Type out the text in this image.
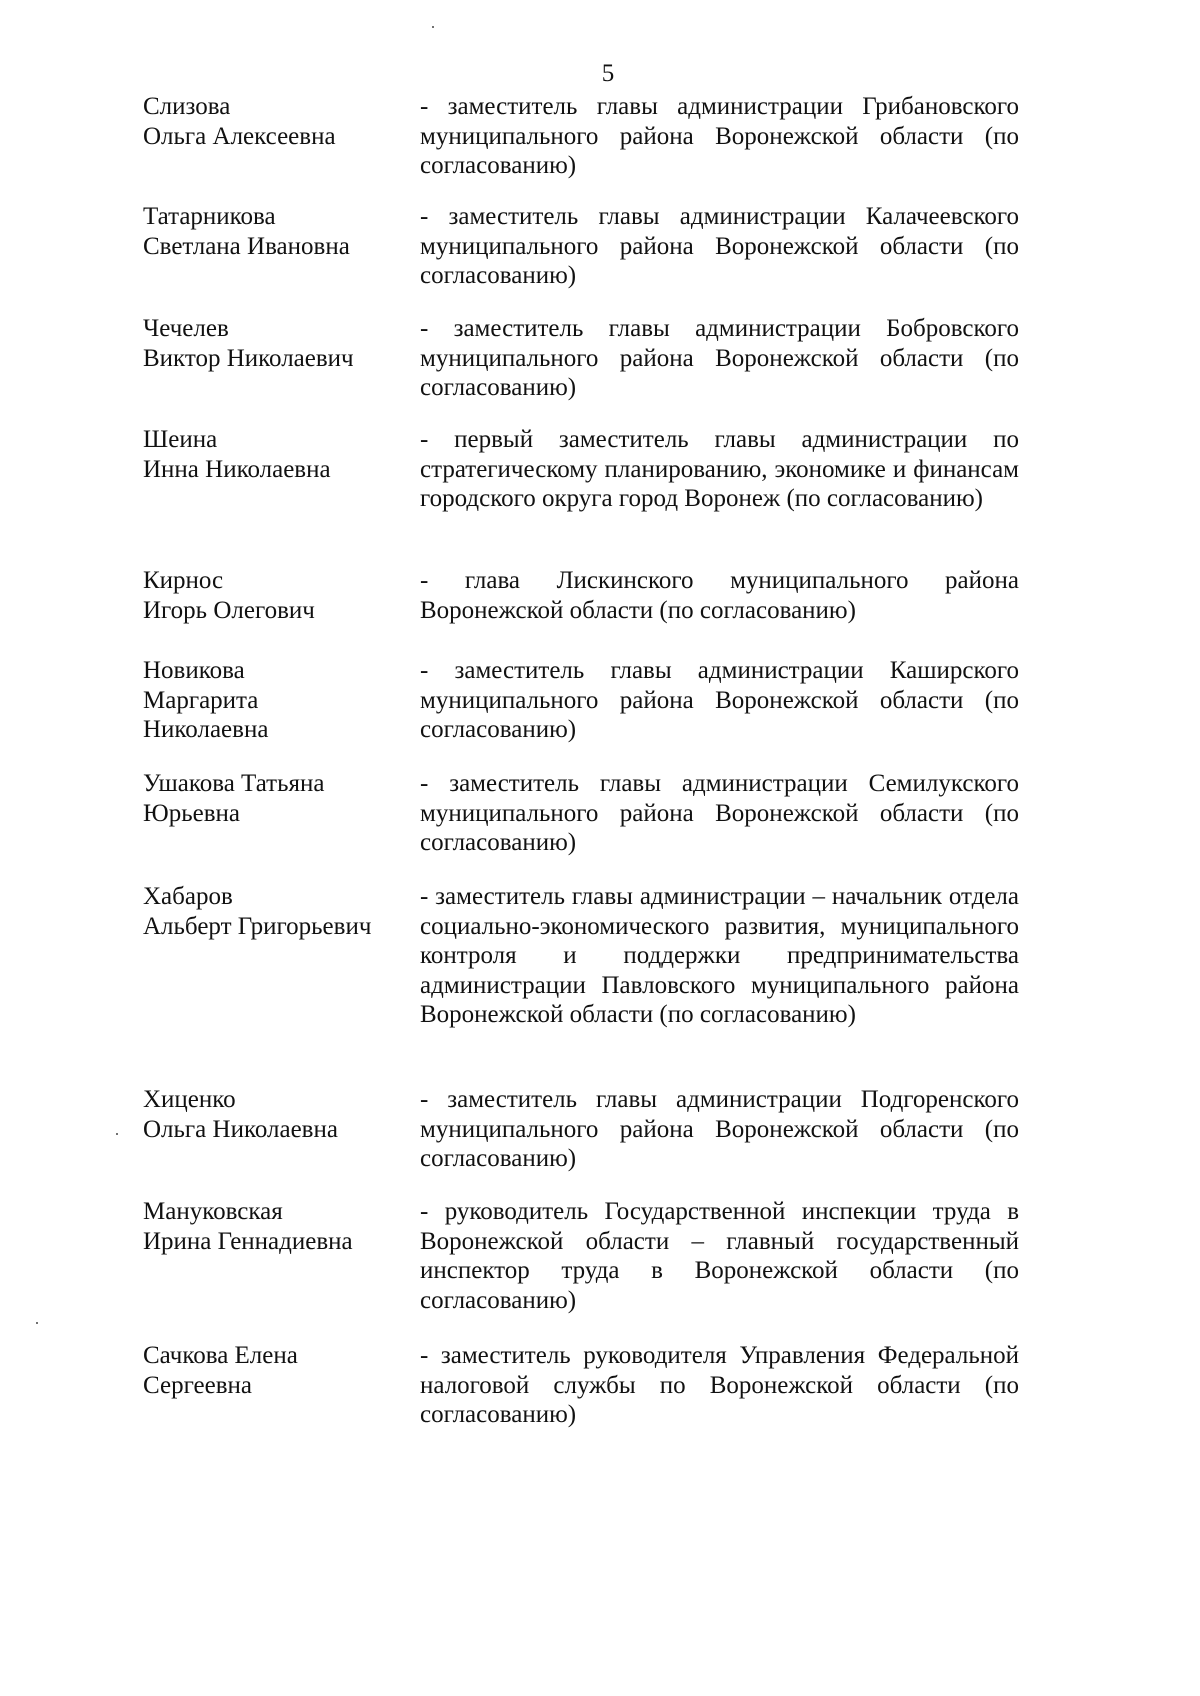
5
Слизова
Ольга Алексеевна
- заместитель главы администрации Грибановского муниципального района Воронежской области (по согласованию)
Татарникова
Светлана Ивановна
- заместитель главы администрации Калачеевского муниципального района Воронежской области (по согласованию)
Чечелев
Виктор Николаевич
- заместитель главы администрации Бобровского муниципального района Воронежской области (по согласованию)
Шеина
Инна Николаевна
- первый заместитель главы администрации по стратегическому планированию, экономике и финансам городского округа город Воронеж (по согласованию)
Кирнос
Игорь Олегович
- глава Лискинского муниципального района Воронежской области (по согласованию)
Новикова
Маргарита
Николаевна
- заместитель главы администрации Каширского муниципального района Воронежской области (по согласованию)
Ушакова Татьяна
Юрьевна
- заместитель главы администрации Семилукского муниципального района Воронежской области (по согласованию)
Хабаров
Альберт Григорьевич
- заместитель главы администрации – начальник отдела социально-экономического развития, муниципального контроля и поддержки предпринимательства администрации Павловского муниципального района Воронежской области (по согласованию)
Хиценко
Ольга Николаевна
- заместитель главы администрации Подгоренского муниципального района Воронежской области (по согласованию)
Мануковская
Ирина Геннадиевна
- руководитель Государственной инспекции труда в Воронежской области – главный государственный инспектор труда в Воронежской области (по согласованию)
Сачкова Елена
Сергеевна
- заместитель руководителя Управления Федеральной налоговой службы по Воронежской области (по согласованию)
